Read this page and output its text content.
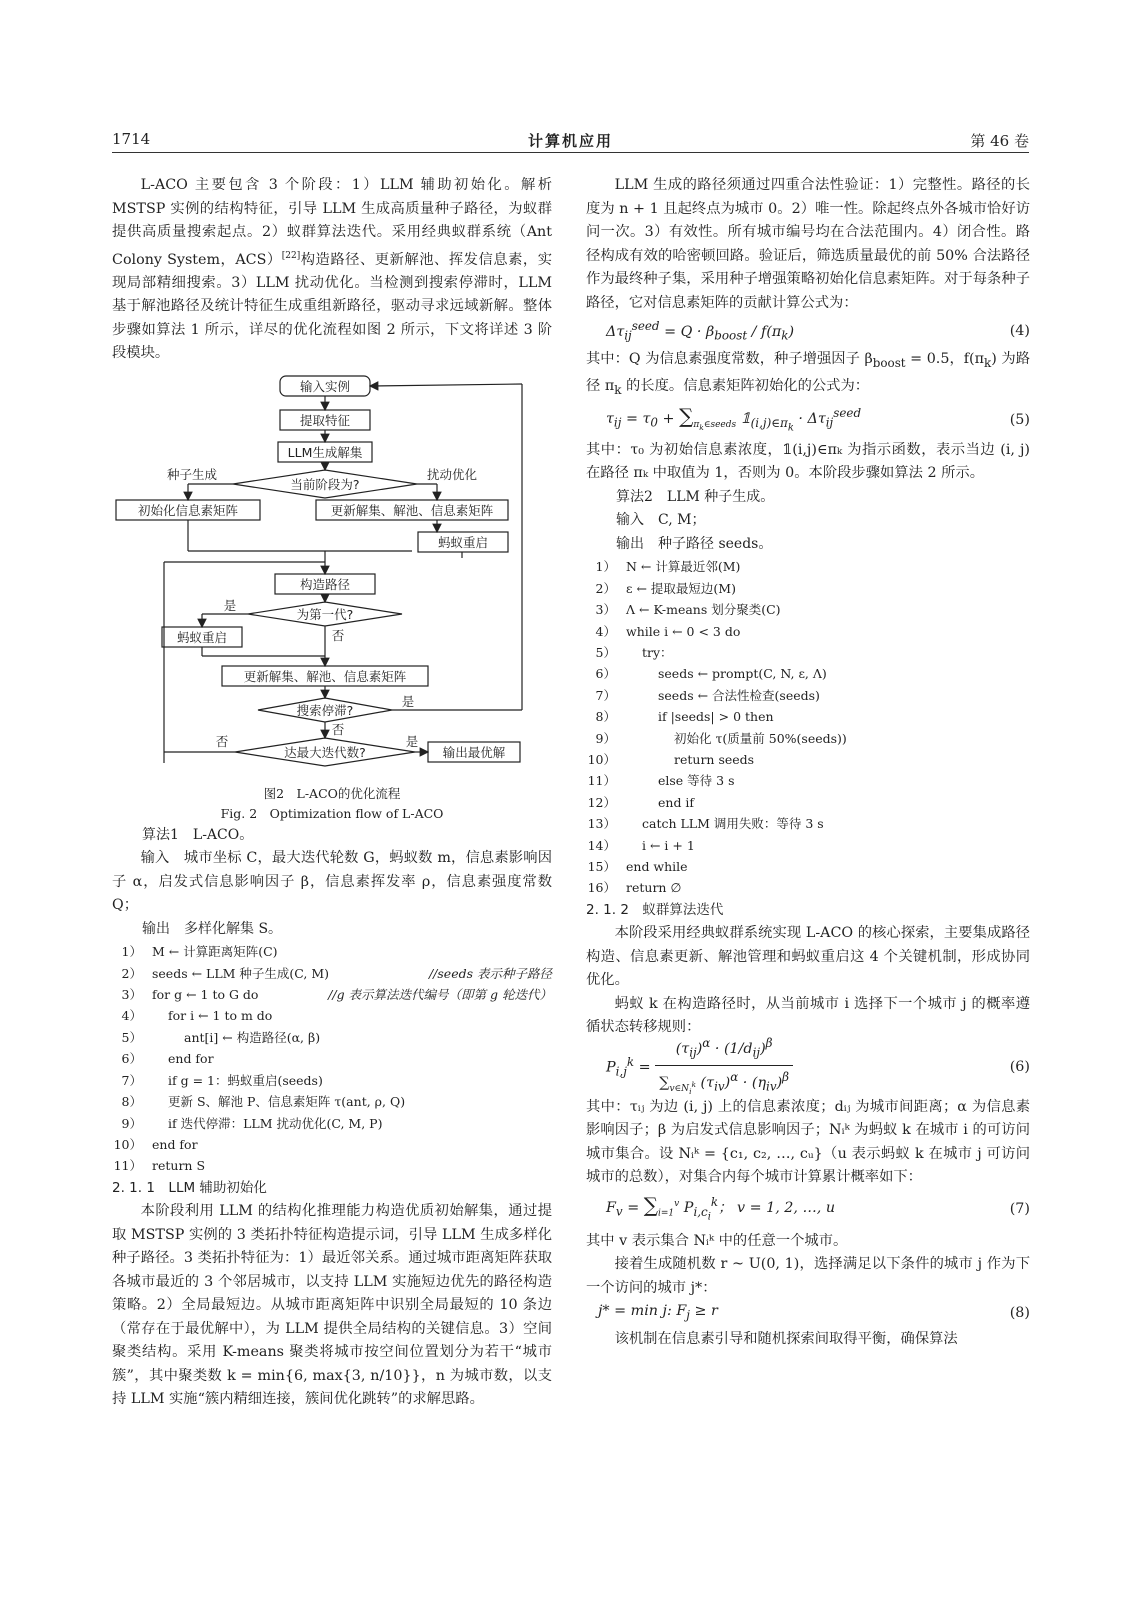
1714	计算机应用	第 46 卷

L-ACO 主要包含 3 个阶段：1）LLM 辅助初始化。解析 MSTSP 实例的结构特征，引导 LLM 生成高质量种子路径，为蚁群提供高质量搜索起点。2）蚁群算法迭代。采用经典蚁群系统（Ant Colony System，ACS）[22]构造路径、更新解池、挥发信息素，实现局部精细搜索。3）LLM 扰动优化。当检测到搜索停滞时，LLM 基于解池路径及统计特征生成重组新路径，驱动寻求远域新解。整体步骤如算法 1 所示，详尽的优化流程如图 2 所示，下文将详述 3 阶段模块。

输入实例
提取特征
LLM生成解集
种子生成	扰动优化
当前阶段为?
初始化信息素矩阵	更新解集、解池、信息素矩阵
蚂蚁重启
构造路径
为第一代?
是
否
蚂蚁重启
更新解集、解池、信息素矩阵
搜索停滞?
是
否
达最大迭代数?
否	是
输出最优解
图2　L-ACO的优化流程
Fig. 2　Optimization flow of L-ACO
算法1　L-ACO。

输入　城市坐标 C，最大迭代轮数 G，蚂蚁数 m，信息素影响因子 α，启发式信息影响因子 β，信息素挥发率 ρ，信息素强度常数 Q；

输出　多样化解集 S。
1） M ← 计算距离矩阵(C)
2） seeds ← LLM 种子生成(C, M)	//seeds 表示种子路径
3） for g ← 1 to G do	//g 表示算法迭代编号（即第 g 轮迭代）
4）	for i ← 1 to m do
5）	ant[i] ← 构造路径(α, β)
6）	end for
7）	if g = 1：蚂蚁重启(seeds)
8）	更新 S、解池 P、信息素矩阵 τ(ant, ρ, Q)
9）	if 迭代停滞：LLM 扰动优化(C, M, P)
10） end for
11） return S
2. 1. 1　LLM 辅助初始化

本阶段利用 LLM 的结构化推理能力构造优质初始解集，通过提取 MSTSP 实例的 3 类拓扑特征构造提示词，引导 LLM 生成多样化种子路径。3 类拓扑特征为：1）最近邻关系。通过城市距离矩阵获取各城市最近的 3 个邻居城市，以支持 LLM 实施短边优先的路径构造策略。2）全局最短边。从城市距离矩阵中识别全局最短的 10 条边（常存在于最优解中），为 LLM 提供全局结构的关键信息。3）空间聚类结构。采用 K-means 聚类将城市按空间位置划分为若干“城市簇”，其中聚类数 k = min{6, max{3, n/10}}，n 为城市数，以支持 LLM 实施“簇内精细连接，簇间优化跳转”的求解思路。

LLM 生成的路径须通过四重合法性验证：1）完整性。路径的长度为 n + 1 且起终点为城市 0。2）唯一性。除起终点外各城市恰好访问一次。3）有效性。所有城市编号均在合法范围内。4）闭合性。路径构成有效的哈密顿回路。验证后，筛选质量最优的前 50% 合法路径作为最终种子集，采用种子增强策略初始化信息素矩阵。对于每条种子路径，它对信息素矩阵的贡献计算公式为：

$\Delta\tau_{ij}^{seed} = Q \cdot \beta_{boost} / f(\pi_k)$	(4)

其中：Q 为信息素强度常数，种子增强因子 $\beta_{boost} = 0.5$，$f(\pi_k)$ 为路径 $\pi_k$ 的长度。信息素矩阵初始化的公式为：

$\tau_{ij} = \tau_0 + \sum_{\pi_k\in seeds}$ $𝟙_{(i,j)\in\pi_k} \cdot \Delta\tau_{ij}^{seed}$	(5)

其中：τ₀ 为初始信息素浓度，𝟙(i,j)∈πₖ 为指示函数，表示当边 (i, j) 在路径 πₖ 中取值为 1，否则为 0。本阶段步骤如算法 2 所示。

算法2　LLM 种子生成。
输入　C, M；
输出　种子路径 seeds。
1） N ← 计算最近邻(M)
2） ε ← 提取最短边(M)
3） Λ ← K-means 划分聚类(C)
4） while i ← 0 < 3 do
5）	try：
6）	seeds ← prompt(C, N, ε, Λ)
7）	seeds ← 合法性检查(seeds)
8）	if |seeds| > 0 then
9）	初始化 τ(质量前 50%(seeds))
10）	return seeds
11）	else 等待 3 s
12）	end if
13）	catch LLM 调用失败：等待 3 s
14）	i ← i + 1
15） end while
16） return ∅
2. 1. 2　蚁群算法迭代

本阶段采用经典蚁群系统实现 L-ACO 的核心探索，主要集成路径构造、信息素更新、解池管理和蚂蚁重启这 4 个关键机制，形成协同优化。

蚂蚁 k 在构造路径时，从当前城市 i 选择下一个城市 j 的概率遵循状态转移规则：

$P_{i,j}^k$ =
$(\tau_{ij})^\alpha \cdot (1/d_{ij})^\beta$
$\sum_{v\in N_i^k}$ $(\tau_{iv})^\alpha \cdot (\eta_{iv})^\beta$
(6)

其中：τᵢⱼ 为边 (i, j) 上的信息素浓度；dᵢⱼ 为城市间距离；α 为信息素影响因子；β 为启发式信息影响因子；Nᵢᵏ 为蚂蚁 k 在城市 i 的可访问城市集合。设 Nᵢᵏ = {c₁, c₂, …, cᵤ}（u 表示蚂蚁 k 在城市 j 可访问城市的总数），对集合内每个城市计算累计概率如下：

$F_v = \sum_{i=1}^v$ $P_{i,c_i}^k$； v = 1, 2, …, u	(7)

其中 v 表示集合 Nᵢᵏ 中的任意一个城市。

接着生成随机数 r ~ U(0, 1)，选择满足以下条件的城市 j 作为下一个访问的城市 j*：

j* = min j: $F_j \ge r$	(8)

该机制在信息素引导和随机探索间取得平衡，确保算法
